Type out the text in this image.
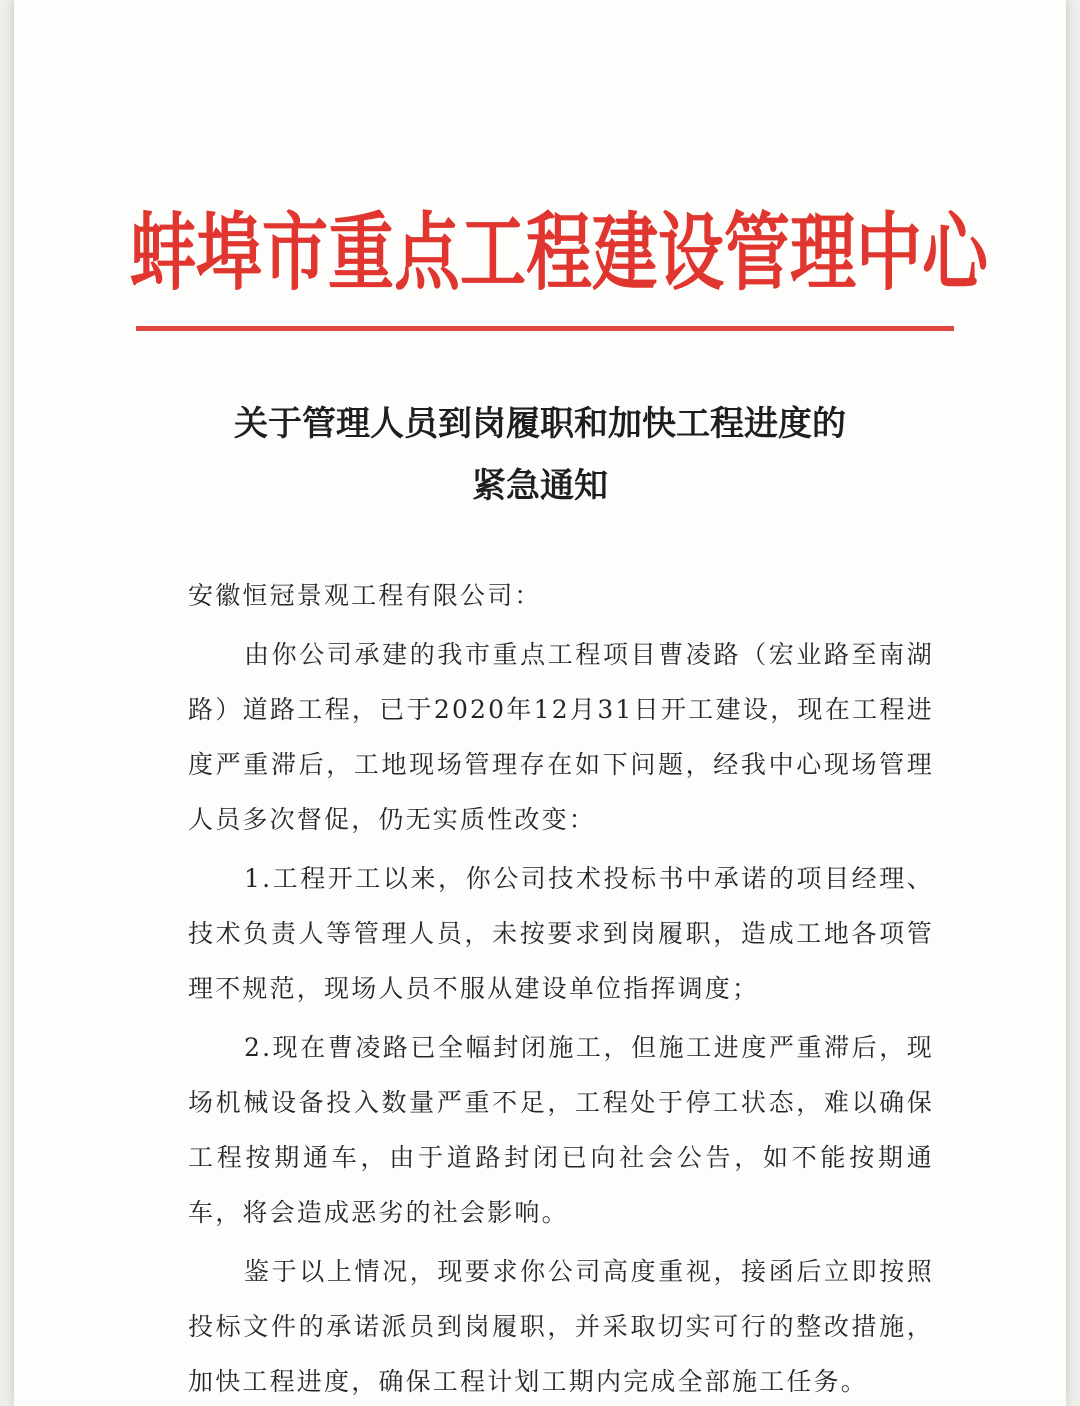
蚌埠市重点工程建设管理中心
关于管理人员到岗履职和加快工程进度的
紧急通知

安徽恒冠景观工程有限公司：

由你公司承建的我市重点工程项目曹凌路（宏业路至南湖路）道路工程，已于2020年12月31日开工建设，现在工程进度严重滞后，工地现场管理存在如下问题，经我中心现场管理人员多次督促，仍无实质性改变：

1.工程开工以来，你公司技术投标书中承诺的项目经理、技术负责人等管理人员，未按要求到岗履职，造成工地各项管理不规范，现场人员不服从建设单位指挥调度；

2.现在曹凌路已全幅封闭施工，但施工进度严重滞后，现场机械设备投入数量严重不足，工程处于停工状态，难以确保工程按期通车，由于道路封闭已向社会公告，如不能按期通车，将会造成恶劣的社会影响。

鉴于以上情况，现要求你公司高度重视，接函后立即按照投标文件的承诺派员到岗履职，并采取切实可行的整改措施，加快工程进度，确保工程计划工期内完成全部施工任务。
